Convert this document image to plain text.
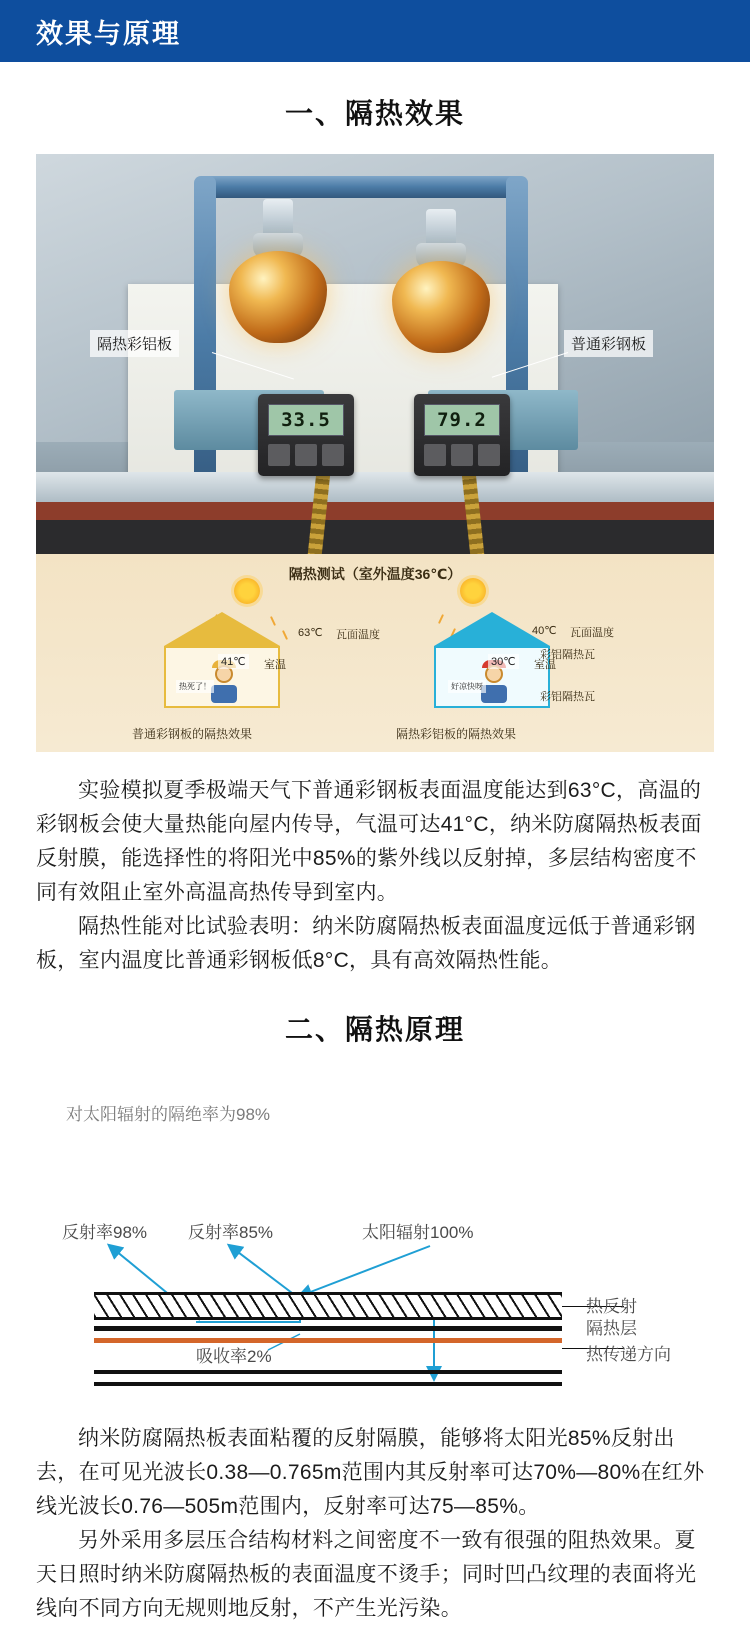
效果与原理
一、隔热效果
33.5	79.2
隔热彩铝板	普通彩钢板
隔热测试（室外温度36℃）
63℃ 瓦面温度
41℃ 室温
热死了！
普通彩钢板的隔热效果
40℃ 瓦面温度
彩铝隔热瓦
30℃ 室温
彩铝隔热瓦
好凉快呀
隔热彩铝板的隔热效果
实验模拟夏季极端天气下普通彩钢板表面温度能达到63°C，高温的彩钢板会使大量热能向屋内传导，气温可达41°C，纳米防腐隔热板表面反射膜，能选择性的将阳光中85%的紫外线以反射掉，多层结构密度不同有效阻止室外高温高热传导到室内。
隔热性能对比试验表明：纳米防腐隔热板表面温度远低于普通彩钢板，室内温度比普通彩钢板低8°C，具有高效隔热性能。
二、隔热原理
对太阳辐射的隔绝率为98%
反射率98% 反射率85%	太阳辐射100%
吸收率2%
热反射
隔热层
热传递方向
纳米防腐隔热板表面粘覆的反射隔膜，能够将太阳光85%反射出去，在可见光波长0.38—0.765m范围内其反射率可达70%—80%在红外线光波长0.76—505m范围内，反射率可达75—85%。
另外采用多层压合结构材料之间密度不一致有很强的阻热效果。夏天日照时纳米防腐隔热板的表面温度不烫手；同时凹凸纹理的表面将光线向不同方向无规则地反射，不产生光污染。
